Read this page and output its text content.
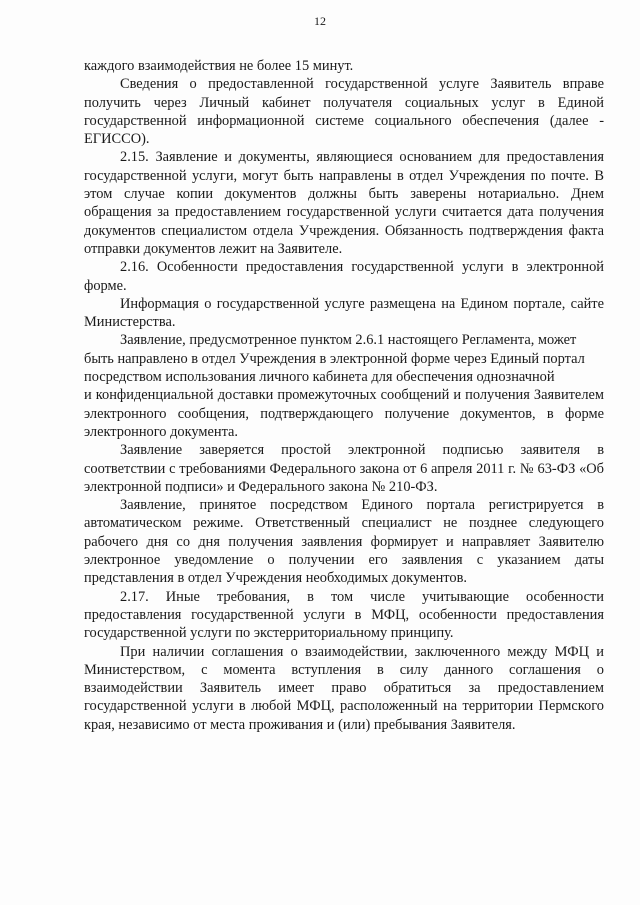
12

каждого взаимодействия не более 15 минут.

Сведения о предоставленной государственной услуге Заявитель вправе получить через Личный кабинет получателя социальных услуг в Единой государственной информационной системе социального обеспечения (далее - ЕГИССО).

2.15. Заявление и документы, являющиеся основанием для предоставления государственной услуги, могут быть направлены в отдел Учреждения по почте. В этом случае копии документов должны быть заверены нотариально. Днем обращения за предоставлением государственной услуги считается дата получения документов специалистом отдела Учреждения. Обязанность подтверждения факта отправки документов лежит на Заявителе.

2.16. Особенности предоставления государственной услуги в электронной форме.

Информация о государственной услуге размещена на Едином портале, сайте Министерства.

Заявление, предусмотренное пунктом 2.6.1 настоящего Регламента, может быть направлено в отдел Учреждения в электронной форме через Единый портал посредством использования личного кабинета для обеспечения однозначной

и конфиденциальной доставки промежуточных сообщений и получения Заявителем электронного сообщения, подтверждающего получение документов, в форме электронного документа.

Заявление заверяется простой электронной подписью заявителя в соответствии с требованиями Федерального закона от 6 апреля 2011 г. № 63-ФЗ «Об электронной подписи» и Федерального закона № 210-ФЗ.

Заявление, принятое посредством Единого портала регистрируется в автоматическом режиме. Ответственный специалист не позднее следующего рабочего дня со дня получения заявления формирует и направляет Заявителю электронное уведомление о получении его заявления с указанием даты представления в отдел Учреждения необходимых документов.

2.17. Иные требования, в том числе учитывающие особенности предоставления государственной услуги в МФЦ, особенности предоставления государственной услуги по экстерриториальному принципу.

При наличии соглашения о взаимодействии, заключенного между МФЦ и Министерством, с момента вступления в силу данного соглашения о взаимодействии Заявитель имеет право обратиться за предоставлением государственной услуги в любой МФЦ, расположенный на территории Пермского края, независимо от места проживания и (или) пребывания Заявителя.
